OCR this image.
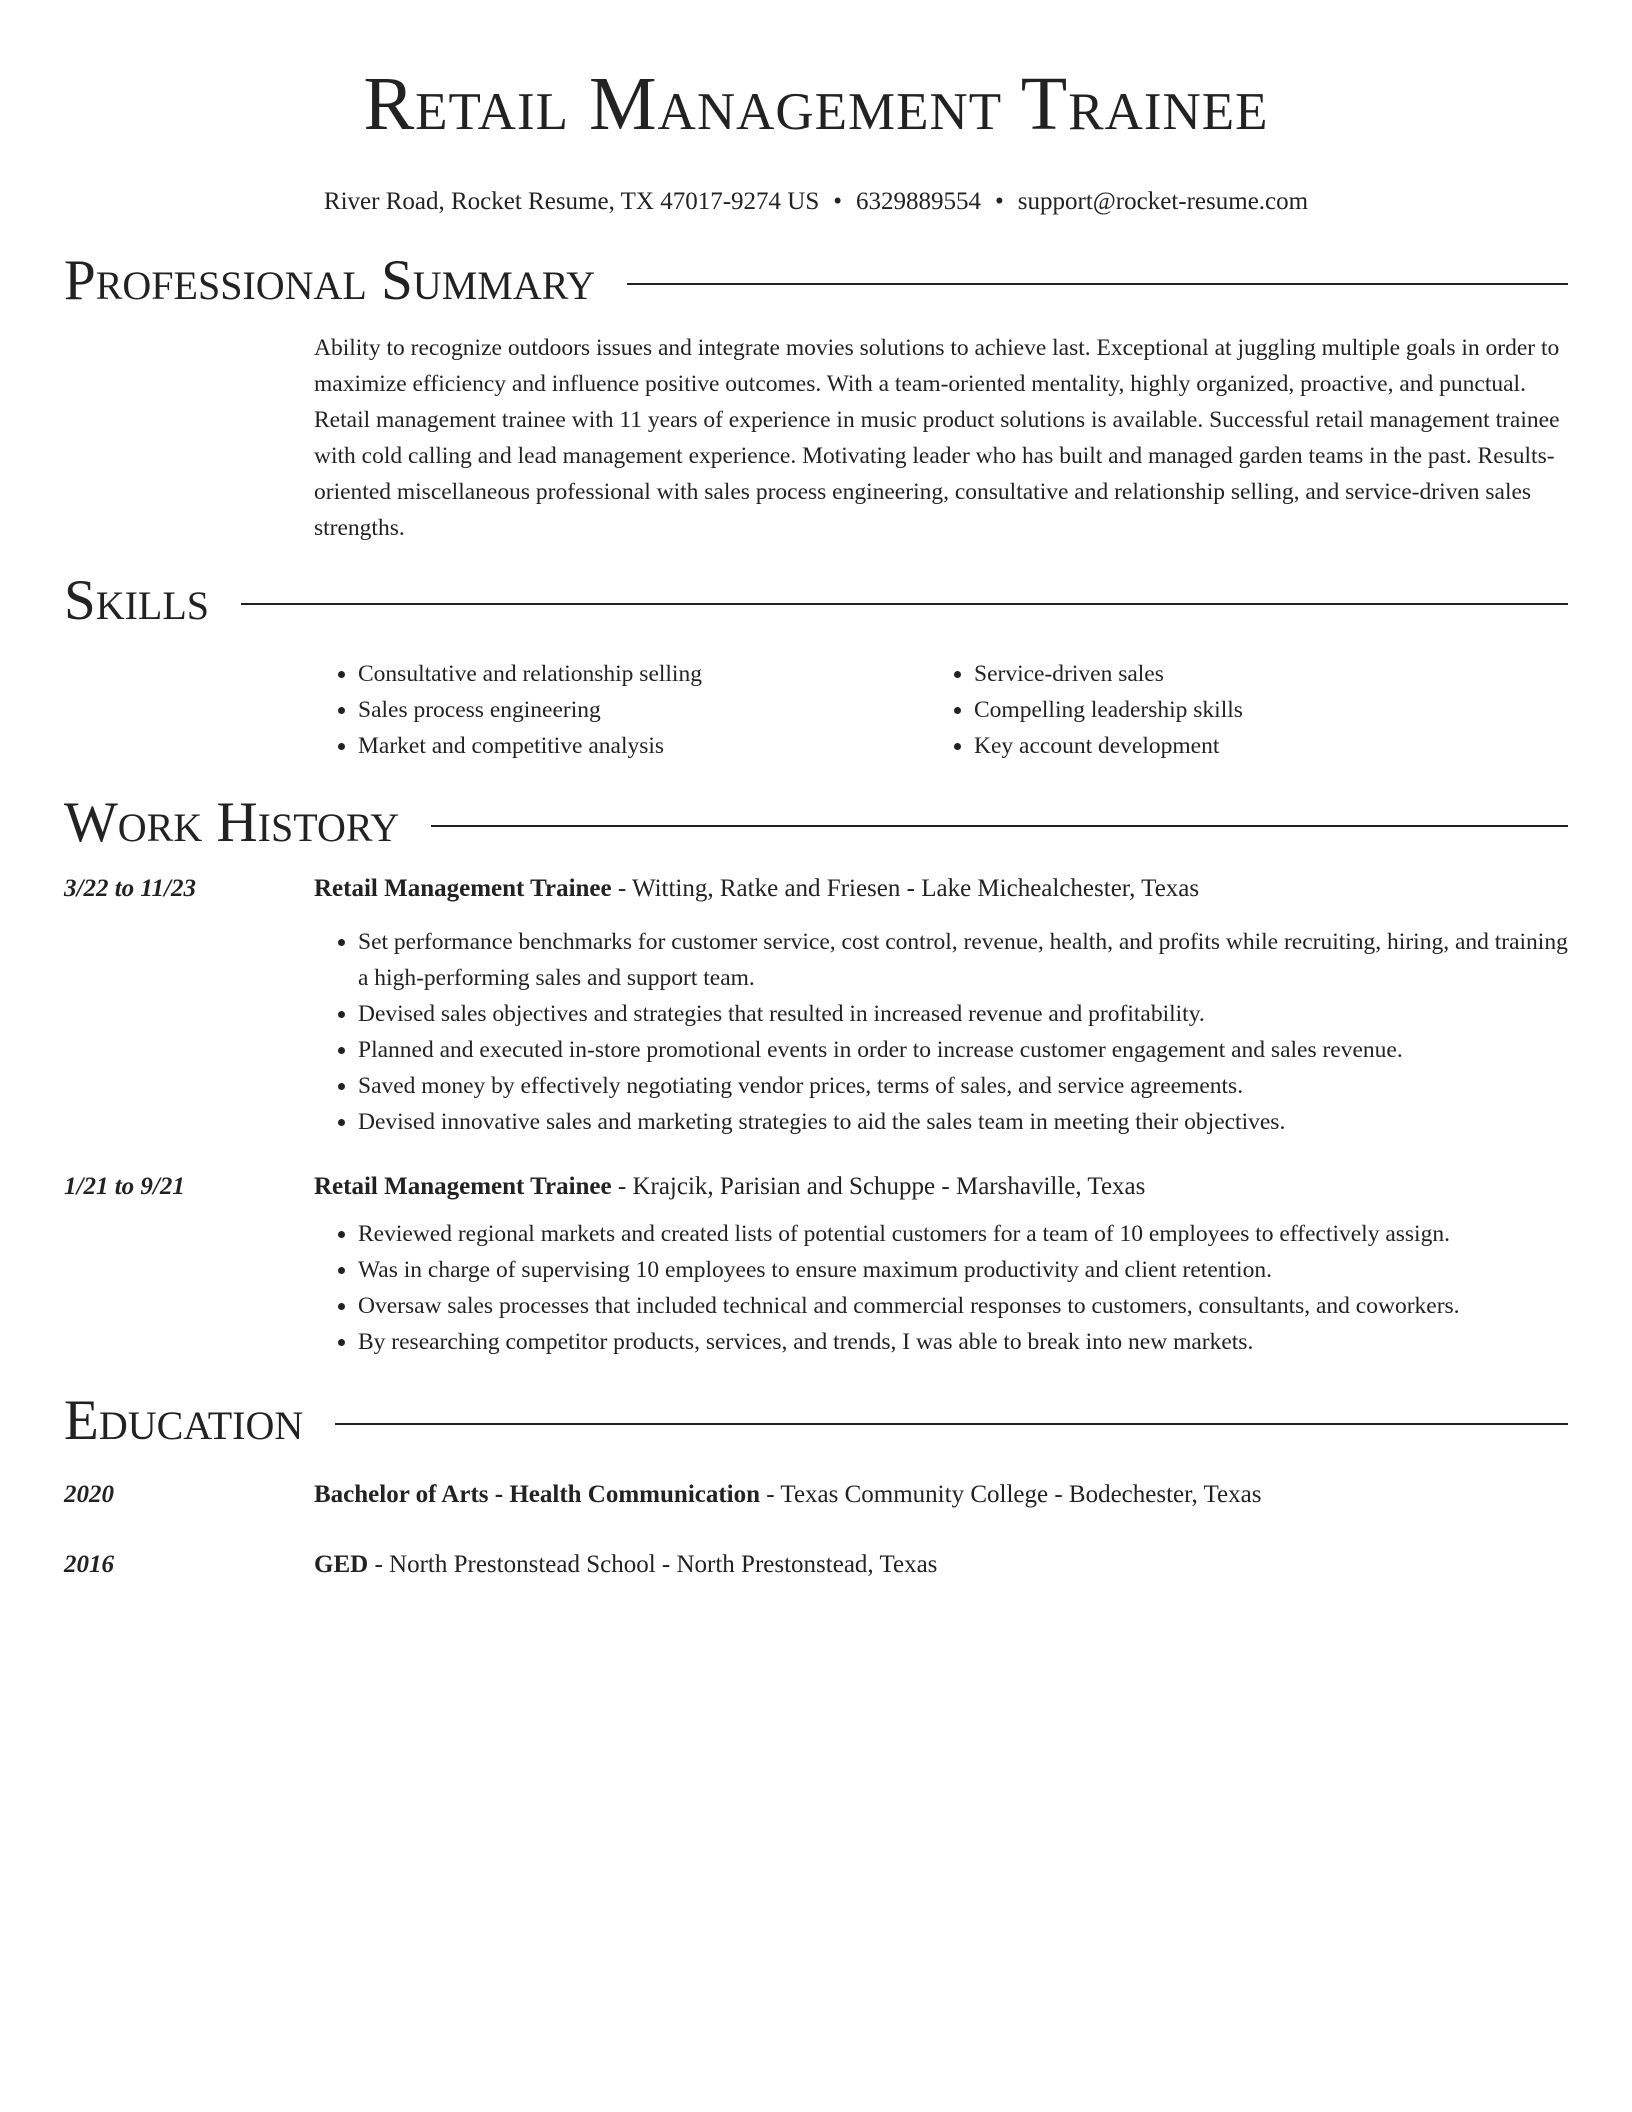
Retail Management Trainee
River Road, Rocket Resume, TX 47017-9274 US • 6329889554 • support@rocket-resume.com
Professional Summary

Ability to recognize outdoors issues and integrate movies solutions to achieve last. Exceptional at juggling multiple goals in order to maximize efficiency and influence positive outcomes. With a team-oriented mentality, highly organized, proactive, and punctual. Retail management trainee with 11 years of experience in music product solutions is available. Successful retail management trainee with cold calling and lead management experience. Motivating leader who has built and managed garden teams in the past. Results-oriented miscellaneous professional with sales process engineering, consultative and relationship selling, and service-driven sales strengths.

Skills
• Consultative and relationship selling
• Sales process engineering
• Market and competitive analysis
• Service-driven sales
• Compelling leadership skills
• Key account development
Work History
3/22 to 11/23	Retail Management Trainee - Witting, Ratke and Friesen - Lake Michealchester, Texas
• Set performance benchmarks for customer service, cost control, revenue, health, and profits while recruiting, hiring, and training a high-performing sales and support team.
• Devised sales objectives and strategies that resulted in increased revenue and profitability.
• Planned and executed in-store promotional events in order to increase customer engagement and sales revenue.
• Saved money by effectively negotiating vendor prices, terms of sales, and service agreements.
• Devised innovative sales and marketing strategies to aid the sales team in meeting their objectives.
1/21 to 9/21	Retail Management Trainee - Krajcik, Parisian and Schuppe - Marshaville, Texas
• Reviewed regional markets and created lists of potential customers for a team of 10 employees to effectively assign.
• Was in charge of supervising 10 employees to ensure maximum productivity and client retention.
• Oversaw sales processes that included technical and commercial responses to customers, consultants, and coworkers.
• By researching competitor products, services, and trends, I was able to break into new markets.
Education
2020	Bachelor of Arts - Health Communication - Texas Community College - Bodechester, Texas
2016	GED - North Prestonstead School - North Prestonstead, Texas
